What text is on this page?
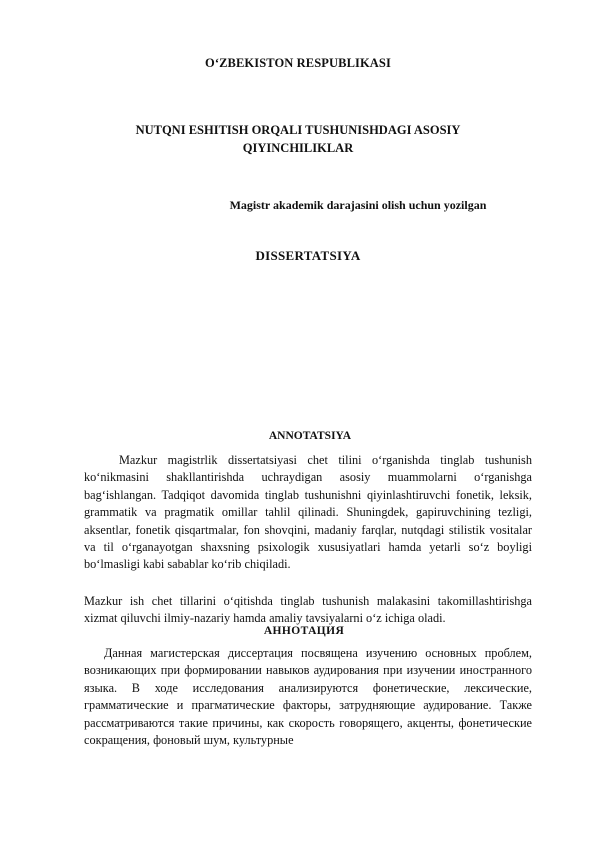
O‘ZBEKISTON RESPUBLIKASI
NUTQNI ESHITISH ORQALI TUSHUNISHDAGI ASOSIY QIYINCHILIKLAR
Magistr akademik darajasini olish uchun yozilgan
DISSERTATSIYA
ANNOTATSIYA
Mazkur magistrlik dissertatsiyasi chet tilini o‘rganishda tinglab tushunish ko‘nikmasini shakllantirishda uchraydigan asosiy muammolarni o‘rganishga bag‘ishlangan. Tadqiqot davomida tinglab tushunishni qiyinlashtiruvchi fonetik, leksik, grammatik va pragmatik omillar tahlil qilinadi. Shuningdek, gapiruvchining tezligi, aksentlar, fonetik qisqartmalar, fon shovqini, madaniy farqlar, nutqdagi stilistik vositalar va til o‘rganayotgan shaxsning psixologik xususiyatlari hamda yetarli so‘z boyligi bo‘lmasligi kabi sabablar ko‘rib chiqiladi.
Mazkur ish chet tillarini o‘qitishda tinglab tushunish malakasini takomillashtirishga xizmat qiluvchi ilmiy-nazariy hamda amaliy tavsiyalarni o‘z ichiga oladi.
АННОТАЦИЯ
Данная магистерская диссертация посвящена изучению основных проблем, возникающих при формировании навыков аудирования при изучении иностранного языка. В ходе исследования анализируются фонетические, лексические, грамматические и прагматические факторы, затрудняющие аудирование. Также рассматриваются такие причины, как скорость говорящего, акценты, фонетические сокращения, фоновый шум, культурные
